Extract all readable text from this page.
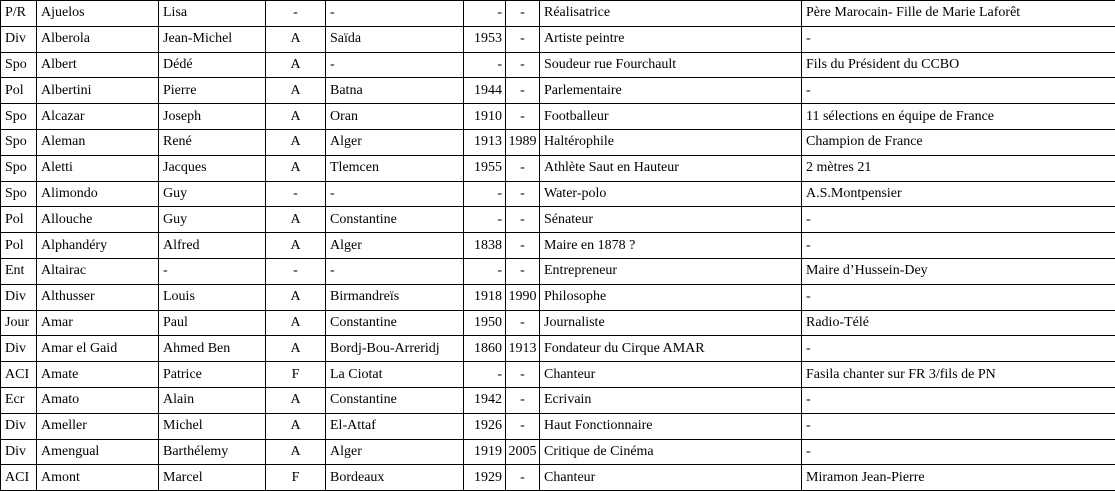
P/R	Ajuelos	Lisa	-	-	-	-	Réalisatrice	Père Marocain- Fille de Marie Laforêt
Div	Alberola	Jean-Michel	A	Saïda	1953	-	Artiste peintre	-
Spo	Albert	Dédé	A	-	-	-	Soudeur rue Fourchault	Fils du Président du CCBO
Pol	Albertini	Pierre	A	Batna	1944	-	Parlementaire	-
Spo	Alcazar	Joseph	A	Oran	1910	-	Footballeur	11 sélections en équipe de France
Spo	Aleman	René	A	Alger	1913	1989	Haltérophile	Champion de France
Spo	Aletti	Jacques	A	Tlemcen	1955	-	Athlète Saut en Hauteur	2 mètres 21
Spo	Alimondo	Guy	-	-	-	-	Water-polo	A.S.Montpensier
Pol	Allouche	Guy	A	Constantine	-	-	Sénateur	-
Pol	Alphandéry	Alfred	A	Alger	1838	-	Maire en 1878 ?	-
Ent	Altairac	-	-	-	-	-	Entrepreneur	Maire d’Hussein-Dey
Div	Althusser	Louis	A	Birmandreïs	1918	1990	Philosophe	-
Jour	Amar	Paul	A	Constantine	1950	-	Journaliste	Radio-Télé
Div	Amar el Gaid	Ahmed Ben	A	Bordj-Bou-Arreridj	1860	1913	Fondateur du Cirque AMAR	-
ACI	Amate	Patrice	F	La Ciotat	-	-	Chanteur	Fasila chanter sur FR 3/fils de PN
Ecr	Amato	Alain	A	Constantine	1942	-	Ecrivain	-
Div	Ameller	Michel	A	El-Attaf	1926	-	Haut Fonctionnaire	-
Div	Amengual	Barthélemy	A	Alger	1919	2005	Critique de Cinéma	-
ACI	Amont	Marcel	F	Bordeaux	1929	-	Chanteur	Miramon Jean-Pierre
